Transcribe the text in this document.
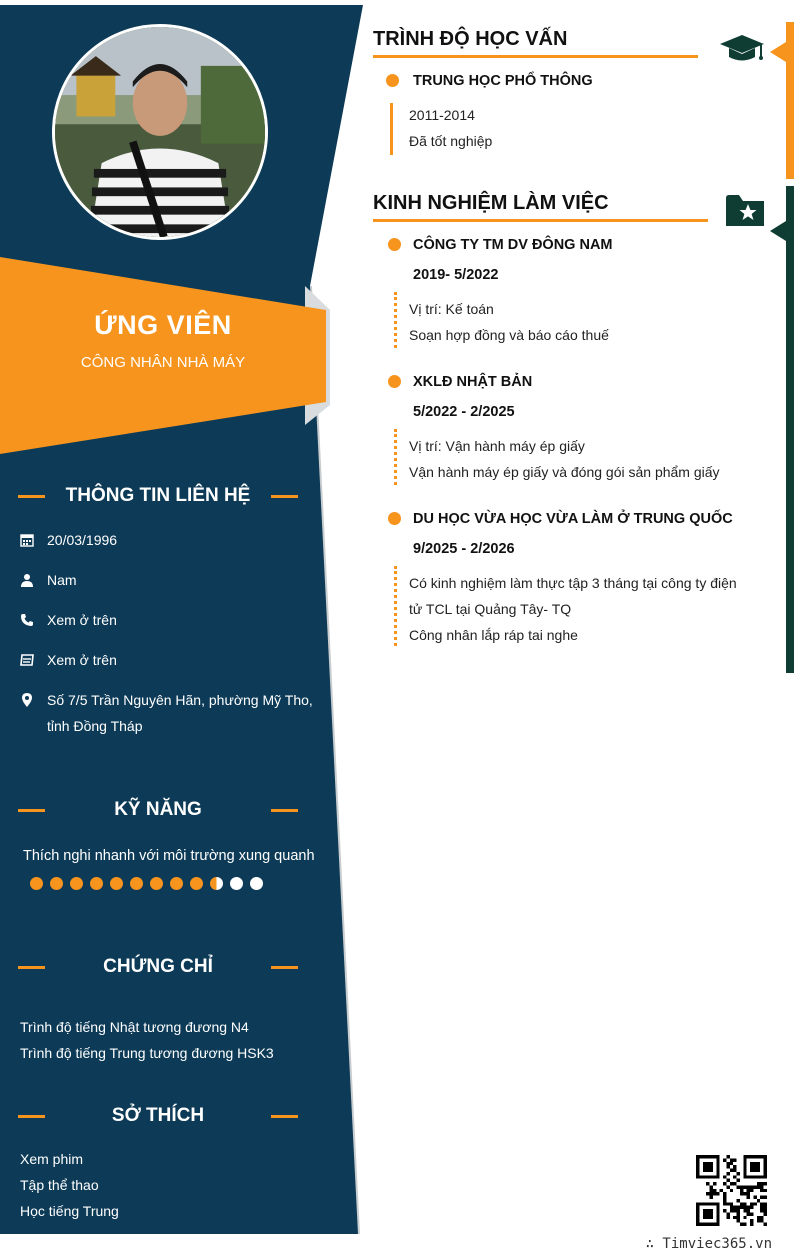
ỨNG VIÊN
CÔNG NHÂN NHÀ MÁY
THÔNG TIN LIÊN HỆ
20/03/1996
Nam
Xem ở trên
Xem ở trên
Số 7/5 Trần Nguyên Hãn, phường Mỹ Tho,
tỉnh Đồng Tháp
KỸ NĂNG
Thích nghi nhanh với môi trường xung quanh
CHỨNG CHỈ
Trình độ tiếng Nhật tương đương N4
Trình độ tiếng Trung tương đương HSK3
SỞ THÍCH
Xem phim
Tập thể thao
Học tiếng Trung
TRÌNH ĐỘ HỌC VẤN
TRUNG HỌC PHỔ THÔNG
2011-2014
Đã tốt nghiệp
KINH NGHIỆM LÀM VIỆC
CÔNG TY TM DV ĐÔNG NAM
2019- 5/2022
Vị trí: Kế toán
Soạn hợp đồng và báo cáo thuế
XKLĐ NHẬT BẢN
5/2022 - 2/2025
Vị trí: Vận hành máy ép giấy
Vận hành máy ép giấy và đóng gói sản phẩm giấy
DU HỌC VỪA HỌC VỪA LÀM Ở TRUNG QUỐC
9/2025 - 2/2026
Có kinh nghiệm làm thực tập 3 tháng tại công ty điện
tử TCL tại Quảng Tây- TQ
Công nhân lắp ráp tai nghe
∴ Timviec365.vn
